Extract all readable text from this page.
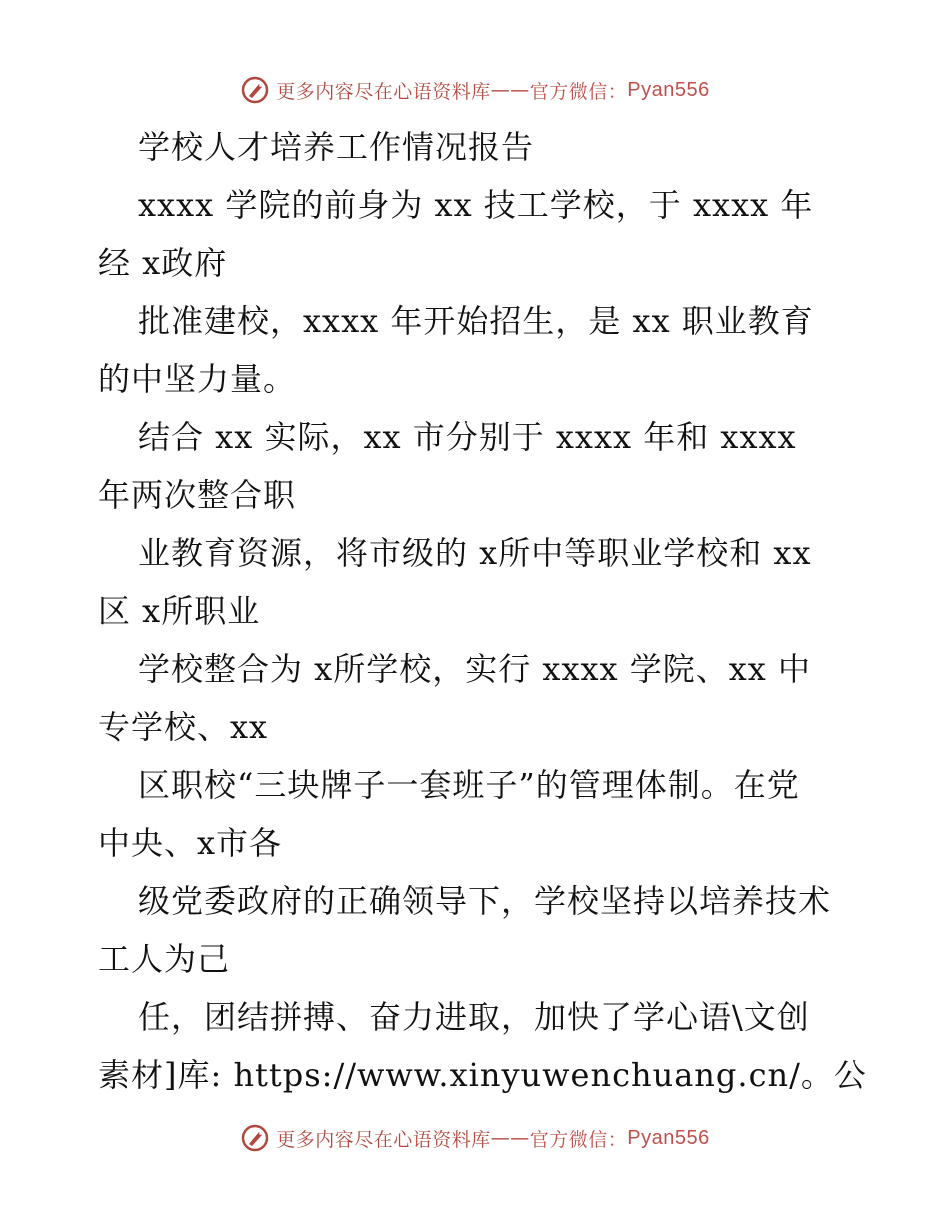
更多内容尽在心语资料库 —— 官方微信： Pyan556
学校人才培养工作情况报告
xxxx 学院的前身为 xx 技工学校，于 xxxx 年
经 x政府
批准建校，xxxx 年开始招生，是 xx 职业教育
的中坚力量。
结合 xx 实际，xx 市分别于 xxxx 年和 xxxx
年两次整合职
业教育资源，将市级的 x所中等职业学校和 xx
区 x所职业
学校整合为 x所学校，实行 xxxx 学院、xx 中
专学校、xx
区职校“三块牌子一套班子”的管理体制。在党
中央、x市各
级党委政府的正确领导下，学校坚持以培养技术
工人为己
任，团结拼搏、奋力进取，加快了学心语\文创
素材]库: https://www.xinyuwenchuang.cn/。公
更多内容尽在心语资料库 —— 官方微信： Pyan556
